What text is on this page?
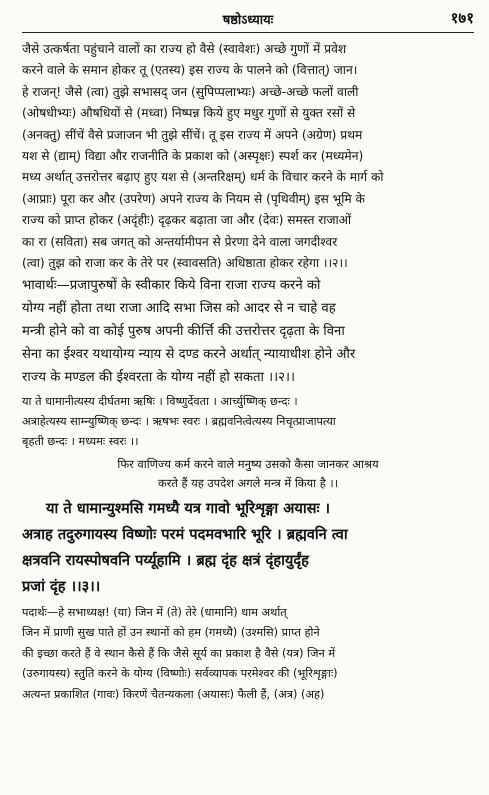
षष्ठोऽध्यायः	१७१
जैसे उत्कर्षता पहुंचाने वालों का राज्य हो वैसे (स्वावेशः) अच्छे गुणों में प्रवेश
करने वाले के समान होकर तू (एतस्य) इस राज्य के पालने को (वित्तात्) जान।
हे राजन्! जैसे (त्वा) तुझे सभासद् जन (सुपिप्पलाभ्यः) अच्छे-अच्छे फलों वाली
(ओषधीभ्यः) औषधियों से (मध्वा) निष्पन्न किये हुए मधुर गुणों से युक्त रसों से
(अनक्तु) सींचें वैसे प्रजाजन भी तुझे सींचें। तू इस राज्य में अपने (अग्रेण) प्रथम
यश से (द्याम्) विद्या और राजनीति के प्रकाश को (अस्पृक्षः) स्पर्श कर (मध्यमेन)
मध्य अर्थात् उत्तरोत्तर बढ़ाए हुए यश से (अन्तरिक्षम्) धर्म के विचार करने के मार्ग को
(आप्राः) पूरा कर और (उपरेण) अपने राज्य के नियम से (पृथिवीम्) इस भूमि के
राज्य को प्राप्त होकर (अदृंहीः) दृढ़कर बढ़ाता जा और (देवः) समस्त राजाओं
का रा (सविता) सब जगत् को अन्तर्यामीपन से प्रेरणा देने वाला जगदीश्वर
(त्वा) तुझ को राजा कर के तेरे पर (स्वावसति) अधिष्ठाता होकर रहेगा ।।२।।
भावार्थः—प्रजापुरुषों के स्वीकार किये विना राजा राज्य करने को
योग्य नहीं होता तथा राजा आदि सभा जिस को आदर से न चाहे वह
मन्त्री होने को वा कोई पुरुष अपनी कीर्त्ति की उत्तरोत्तर दृढ़ता के विना
सेना का ईश्वर यथायोग्य न्याय से दण्ड करने अर्थात् न्यायाधीश होने और
राज्य के मण्डल की ईश्वरता के योग्य नहीं हो सकता ।।२।।
या ते धामानीत्यस्य दीर्घतमा ऋषिः । विष्णुर्देवता । आर्च्युष्णिक् छन्दः ।
अत्राहेत्यस्य साम्न्युष्णिक् छन्दः । ऋषभः स्वरः । ब्रह्मवनित्वेत्यस्य निचृत्प्राजापत्या
बृहती छन्दः । मध्यमः स्वरः ।।
फिर वाणिज्य कर्म करने वाले मनुष्य उसको कैसा जानकर आश्रय
करते हैं यह उपदेश अगले मन्त्र में किया है ।।
या ते धामान्युश्मसि गमध्यै यत्र गावो भूरिशृङ्गा अयासः ।
अत्राह तदुरुगायस्य विष्णोः परमं पदमवभारि भूरि । ब्रह्मवनि त्वा
क्षत्रवनि रायस्पोषवनि पर्य्यूहामि । ब्रह्म दृंह क्षत्रं दृंहायुर्दृंह
प्रजां दृंह ।।३।।
पदार्थः—हे सभाध्यक्ष! (या) जिन में (ते) तेरे (धामानि) धाम अर्थात्
जिन में प्राणी सुख पाते हों उन स्थानों को हम (गमध्यै) (उश्मसि) प्राप्त होने
की इच्छा करते हैं वे स्थान कैसे हैं कि जैसे सूर्य का प्रकाश है वैसे (यत्र) जिन में
(उरुगायस्य) स्तुति करने के योग्य (विष्णोः) सर्वव्यापक परमेश्वर की (भूरिशृङ्गाः)
अत्यन्त प्रकाशित (गावः) किरणें चैतन्यकला (अयासः) फैली हैं, (अत्र) (अह)
